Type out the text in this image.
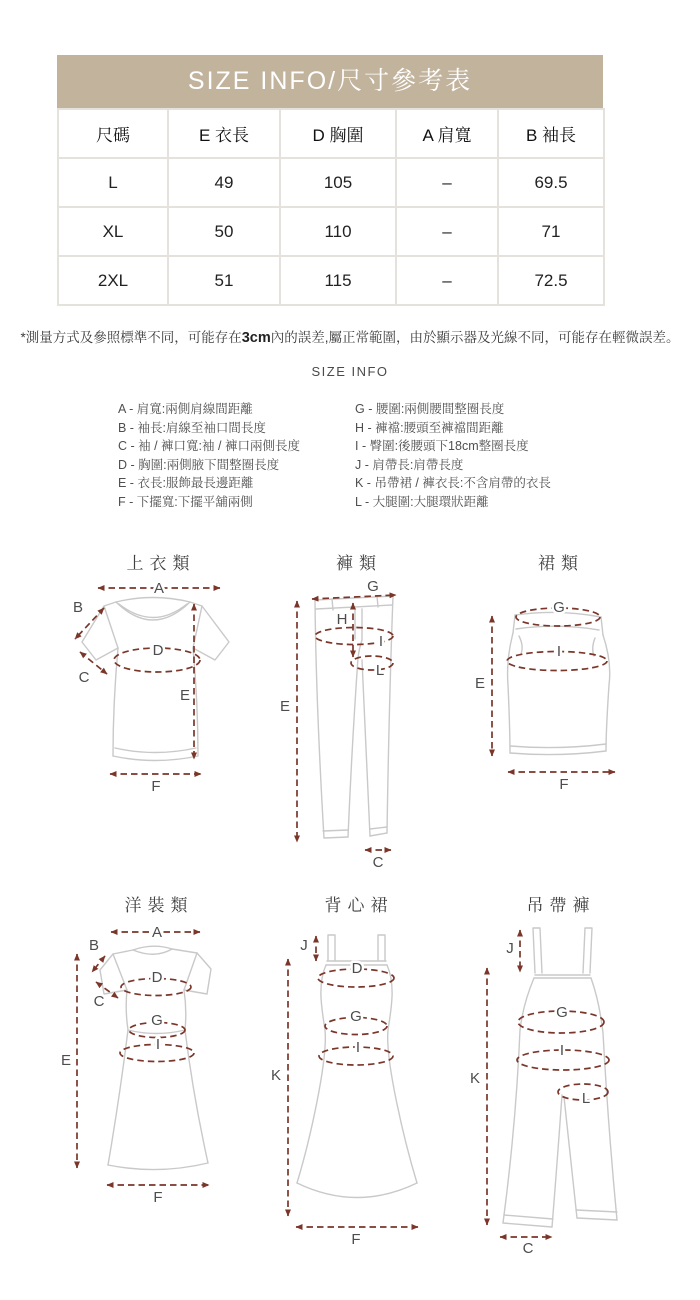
SIZE INFO/尺寸參考表
尺碼	E 衣長	D 胸圍	A 肩寬	B 袖長
L	49	105	–	69.5
XL	50	110	–	71
2XL	51	115	–	72.5
*測量方式及參照標準不同，可能存在3cm內的誤差,屬正常範圍，由於顯示器及光線不同，可能存在輕微誤差。
SIZE INFO
A - 肩寬:兩側肩線間距離
B - 袖長:肩線至袖口間長度
C - 袖 / 褲口寬:袖 / 褲口兩側長度
D - 胸圍:兩側腋下間整圈長度
E - 衣長:服飾最長邊距離
F - 下擺寬:下擺平舖兩側
G - 腰圍:兩側腰間整圈長度
H - 褲襠:腰頭至褲襠間距離
I - 臀圍:後腰頭下18cm整圈長度
J - 肩帶長:肩帶長度
K - 吊帶裙 / 褲衣長:不含肩帶的衣長
L - 大腿圍:大腿環狀距離
上衣類	褲類	裙類
A
B
C
D
E
F
G
H
I
L
E
C
G
I
E
F
洋裝類	背心裙	吊帶褲
A
B
C
D
G
I
E
F
J
D
G
I
K
F
J
G
I
L
K
C
